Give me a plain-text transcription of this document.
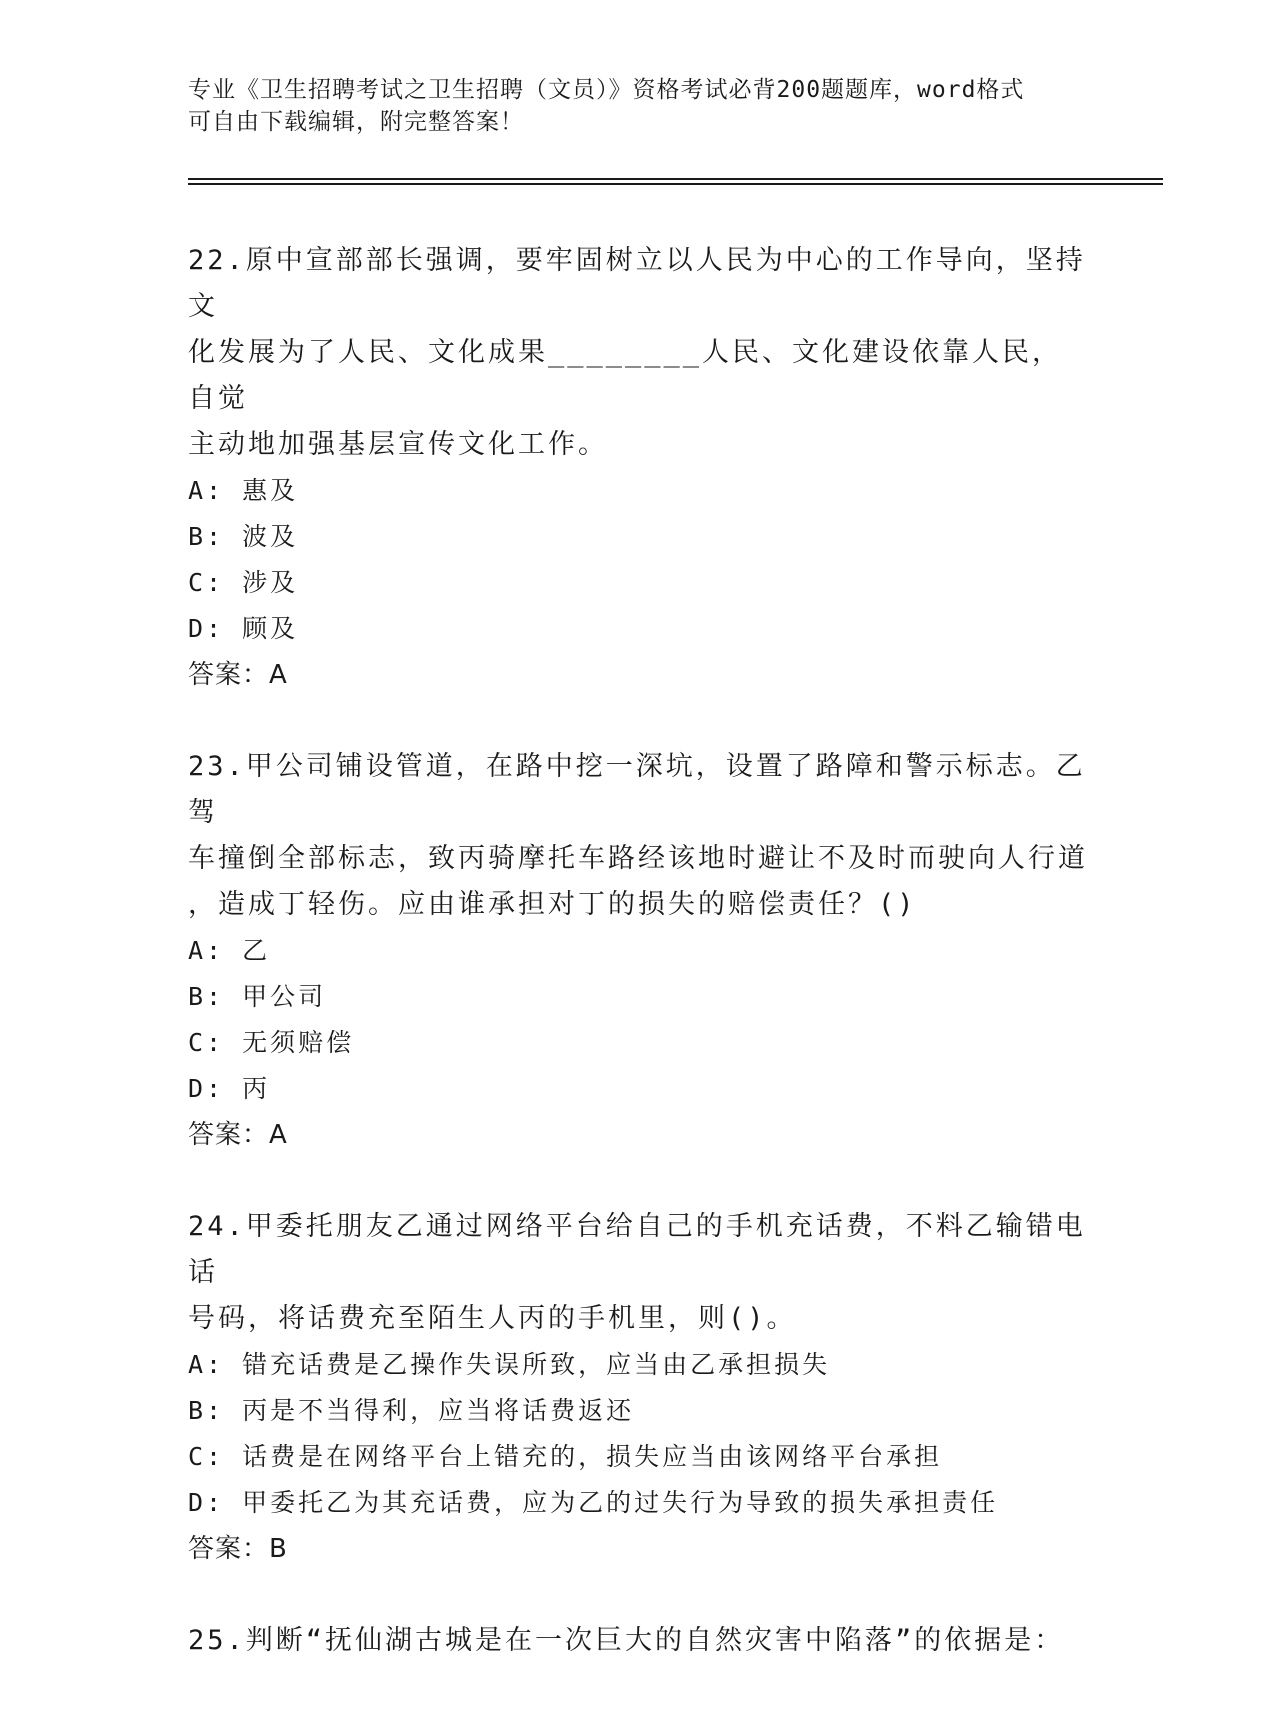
专业《卫生招聘考试之卫生招聘（文员）》资格考试必背200题题库，word格式
可自由下载编辑，附完整答案！
22.原中宣部部长强调，要牢固树立以人民为中心的工作导向，坚持文
化发展为了人民、文化成果________人民、文化建设依靠人民，自觉
主动地加强基层宣传文化工作。
A: 惠及
B: 波及
C: 涉及
D: 顾及
答案：A
23.甲公司铺设管道，在路中挖一深坑，设置了路障和警示标志。乙驾
车撞倒全部标志，致丙骑摩托车路经该地时避让不及时而驶向人行道
，造成丁轻伤。应由谁承担对丁的损失的赔偿责任？()
A: 乙
B: 甲公司
C: 无须赔偿
D: 丙
答案：A
24.甲委托朋友乙通过网络平台给自己的手机充话费，不料乙输错电话
号码，将话费充至陌生人丙的手机里，则()。
A: 错充话费是乙操作失误所致，应当由乙承担损失
B: 丙是不当得利，应当将话费返还
C: 话费是在网络平台上错充的，损失应当由该网络平台承担
D: 甲委托乙为其充话费，应为乙的过失行为导致的损失承担责任
答案：B
25.判断“抚仙湖古城是在一次巨大的自然灾害中陷落”的依据是：
